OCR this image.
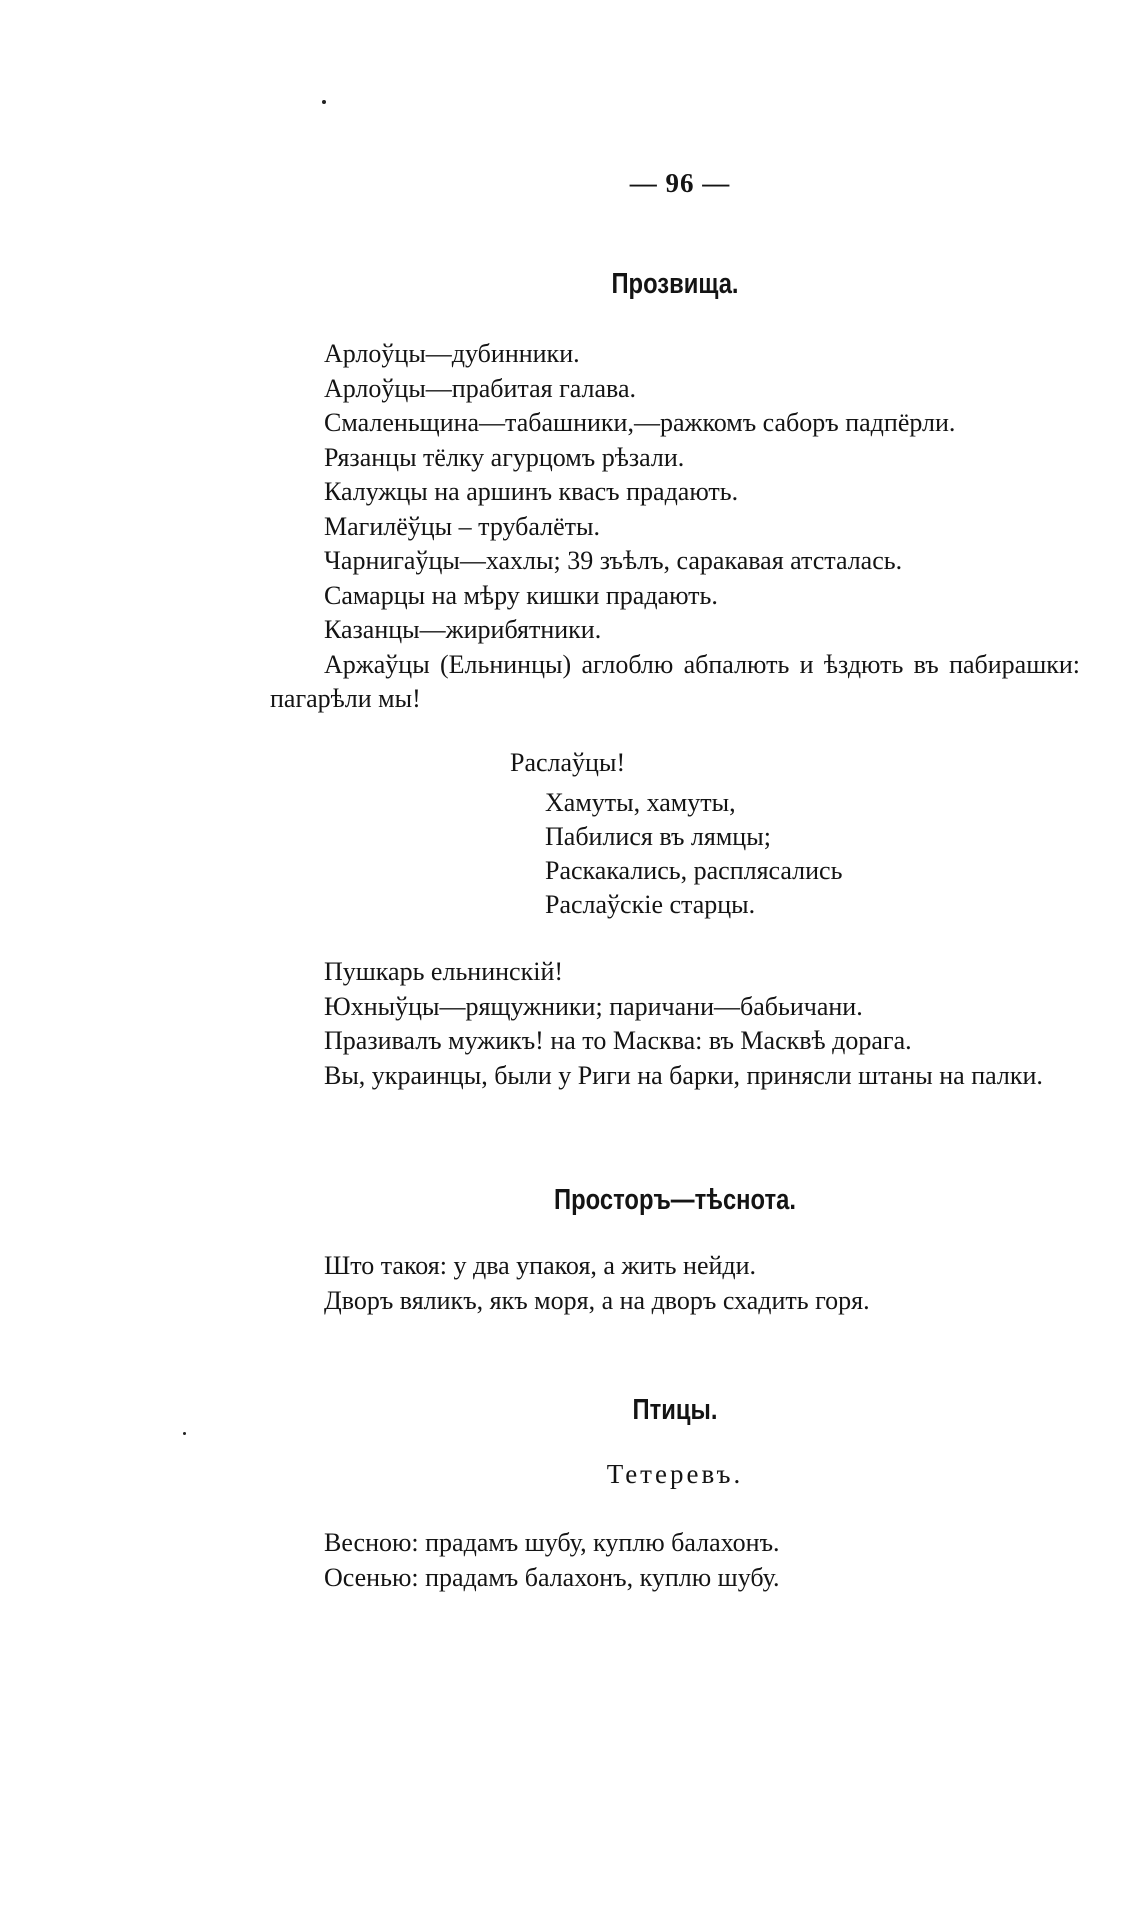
— 96 —
Прозвища.
Арлоўцы—дубинники.
Арлоўцы—прабитая галава.
Смаленьщина—табашники,—ражкомъ саборъ падпёрли.
Рязанцы тёлку агурцомъ рѣзали.
Калужцы на аршинъ квасъ прадають.
Магилёўцы – трубалёты.
Чарнигаўцы—хахлы; 39 зъѣлъ, саракавая атсталась.
Самарцы на мѣру кишки прадають.
Казанцы—жирибятники.
Аржаўцы (Ельнинцы) аглоблю абпалють и ѣздють въ пабирашки: пагарѣли мы!
Раслаўцы!
Хамуты, хамуты,
Пабилися въ лямцы;
Раскакались, расплясались
Раслаўскiе старцы.
Пушкарь ельнинскiй!
Юхныўцы—рящужники; паричани—бабьичани.
Празивалъ мужикъ! на то Масква: въ Масквѣ дорага.
Вы, украинцы, были у Риги на барки, принясли штаны на палки.
Просторъ—тѣснота.
Што такоя: у два упакоя, а жить нейди.
Дворъ вяликъ, якъ моря, а на дворъ схадить горя.
Птицы.
Тетеревъ.
Весною: прадамъ шубу, куплю балахонъ.
Осенью: прадамъ балахонъ, куплю шубу.
